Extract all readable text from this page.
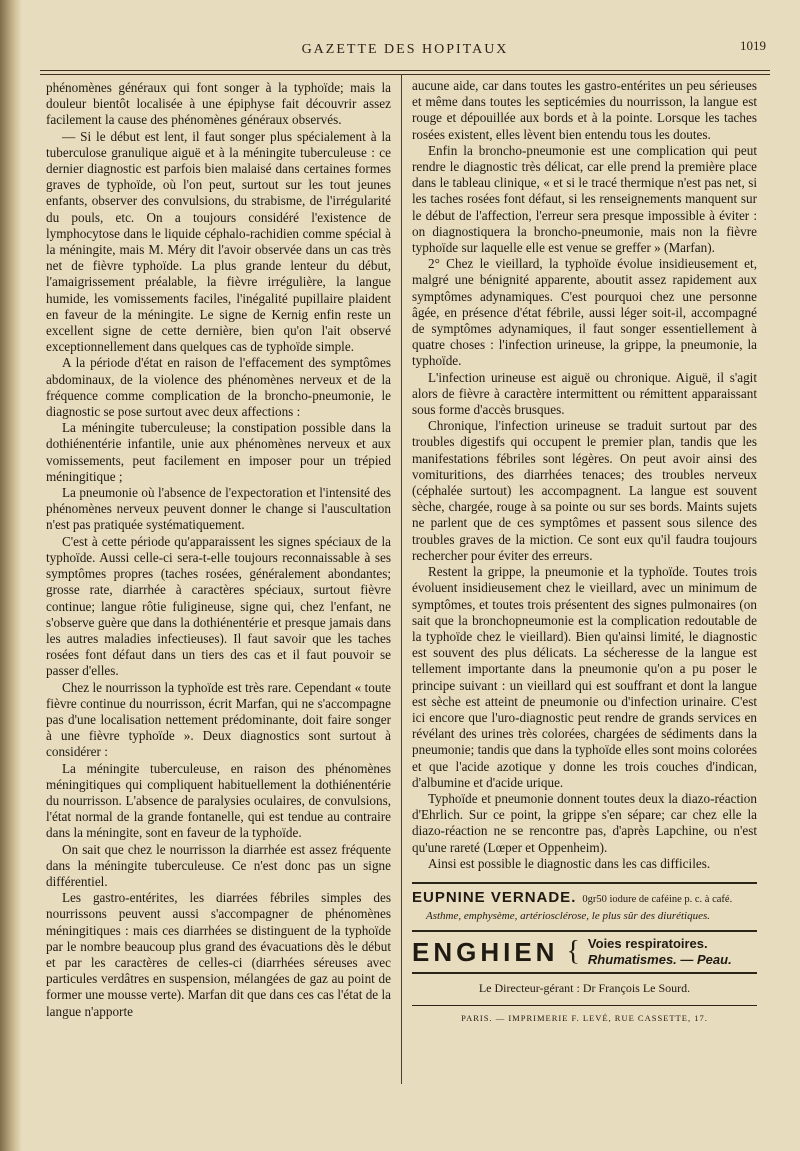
GAZETTE DES HOPITAUX	1019

phénomènes généraux qui font songer à la typhoïde; mais la douleur bientôt localisée à une épiphyse fait découvrir assez facilement la cause des phénomènes généraux observés.

— Si le début est lent, il faut songer plus spécialement à la tuberculose granulique aiguë et à la méningite tuberculeuse : ce dernier diagnostic est parfois bien malaisé dans certaines formes graves de typhoïde, où l'on peut, surtout sur les tout jeunes enfants, observer des convulsions, du strabisme, de l'irrégularité du pouls, etc. On a toujours considéré l'existence de lymphocytose dans le liquide céphalo-rachidien comme spécial à la méningite, mais M. Méry dit l'avoir observée dans un cas très net de fièvre typhoïde. La plus grande lenteur du début, l'amaigrissement préalable, la fièvre irrégulière, la langue humide, les vomissements faciles, l'inégalité pupillaire plaident en faveur de la méningite. Le signe de Kernig enfin reste un excellent signe de cette dernière, bien qu'on l'ait observé exceptionnellement dans quelques cas de typhoïde simple.

A la période d'état en raison de l'effacement des symptômes abdominaux, de la violence des phénomènes nerveux et de la fréquence comme complication de la broncho-pneumonie, le diagnostic se pose surtout avec deux affections :

La méningite tuberculeuse; la constipation possible dans la dothiénentérie infantile, unie aux phénomènes nerveux et aux vomissements, peut facilement en imposer pour un trépied méningitique ;

La pneumonie où l'absence de l'expectoration et l'intensité des phénomènes nerveux peuvent donner le change si l'auscultation n'est pas pratiquée systématiquement.

C'est à cette période qu'apparaissent les signes spéciaux de la typhoïde. Aussi celle-ci sera-t-elle toujours reconnaissable à ses symptômes propres (taches rosées, généralement abondantes; grosse rate, diarrhée à caractères spéciaux, surtout fièvre continue; langue rôtie fuligineuse, signe qui, chez l'enfant, ne s'observe guère que dans la dothiénentérie et presque jamais dans les autres maladies infectieuses). Il faut savoir que les taches rosées font défaut dans un tiers des cas et il faut pouvoir se passer d'elles.

Chez le nourrisson la typhoïde est très rare. Cependant « toute fièvre continue du nourrisson, écrit Marfan, qui ne s'accompagne pas d'une localisation nettement prédominante, doit faire songer à une fièvre typhoïde ». Deux diagnostics sont surtout à considérer :

La méningite tuberculeuse, en raison des phénomènes méningitiques qui compliquent habituellement la dothiénentérie du nourrisson. L'absence de paralysies oculaires, de convulsions, l'état normal de la grande fontanelle, qui est tendue au contraire dans la méningite, sont en faveur de la typhoïde.

On sait que chez le nourrisson la diarrhée est assez fréquente dans la méningite tuberculeuse. Ce n'est donc pas un signe différentiel.

Les gastro-entérites, les diarrées fébriles simples des nourrissons peuvent aussi s'accompagner de phénomènes méningitiques : mais ces diarrhées se distinguent de la typhoïde par le nombre beaucoup plus grand des évacuations dès le début et par les caractères de celles-ci (diarrhées séreuses avec particules verdâtres en suspension, mélangées de gaz au point de former une mousse verte). Marfan dit que dans ces cas l'état de la langue n'apporte

aucune aide, car dans toutes les gastro-entérites un peu sérieuses et même dans toutes les septicémies du nourrisson, la langue est rouge et dépouillée aux bords et à la pointe. Lorsque les taches rosées existent, elles lèvent bien entendu tous les doutes.

Enfin la broncho-pneumonie est une complication qui peut rendre le diagnostic très délicat, car elle prend la première place dans le tableau clinique, « et si le tracé thermique n'est pas net, si les taches rosées font défaut, si les renseignements manquent sur le début de l'affection, l'erreur sera presque impossible à éviter : on diagnostiquera la broncho-pneumonie, mais non la fièvre typhoïde sur laquelle elle est venue se greffer » (Marfan).

2° Chez le vieillard, la typhoïde évolue insidieusement et, malgré une bénignité apparente, aboutit assez rapidement aux symptômes adynamiques. C'est pourquoi chez une personne âgée, en présence d'état fébrile, aussi léger soit-il, accompagné de symptômes adynamiques, il faut songer essentiellement à quatre choses : l'infection urineuse, la grippe, la pneumonie, la typhoïde.

L'infection urineuse est aiguë ou chronique. Aiguë, il s'agit alors de fièvre à caractère intermittent ou rémittent apparaissant sous forme d'accès brusques.

Chronique, l'infection urineuse se traduit surtout par des troubles digestifs qui occupent le premier plan, tandis que les manifestations fébriles sont légères. On peut avoir ainsi des vomituritions, des diarrhées tenaces; des troubles nerveux (céphalée surtout) les accompagnent. La langue est souvent sèche, chargée, rouge à sa pointe ou sur ses bords. Maints sujets ne parlent que de ces symptômes et passent sous silence des troubles graves de la miction. Ce sont eux qu'il faudra toujours rechercher pour éviter des erreurs.

Restent la grippe, la pneumonie et la typhoïde. Toutes trois évoluent insidieusement chez le vieillard, avec un minimum de symptômes, et toutes trois présentent des signes pulmonaires (on sait que la bronchopneumonie est la complication redoutable de la typhoïde chez le vieillard). Bien qu'ainsi limité, le diagnostic est souvent des plus délicats. La sécheresse de la langue est tellement importante dans la pneumonie qu'on a pu poser le principe suivant : un vieillard qui est souffrant et dont la langue est sèche est atteint de pneumonie ou d'infection urinaire. C'est ici encore que l'uro-diagnostic peut rendre de grands services en révélant des urines très colorées, chargées de sédiments dans la pneumonie; tandis que dans la typhoïde elles sont moins colorées et que l'acide azotique y donne les trois couches d'indican, d'albumine et d'acide urique.

Typhoïde et pneumonie donnent toutes deux la diazo-réaction d'Ehrlich. Sur ce point, la grippe s'en sépare; car chez elle la diazo-réaction ne se rencontre pas, d'après Lapchine, ou n'est qu'une rareté (Lœper et Oppenheim).

Ainsi est possible le diagnostic dans les cas difficiles.

EUPNINE VERNADE. 0gr50 iodure de caféine p. c. à café.
Asthme, emphysème, artériosclérose, le plus sûr des diurétiques.
ENGHIEN { Voies respiratoires.
Rhumatismes. — Peau.
Le Directeur-gérant : Dr François Le Sourd.
PARIS. — IMPRIMERIE F. LEVÉ, RUE CASSETTE, 17.
